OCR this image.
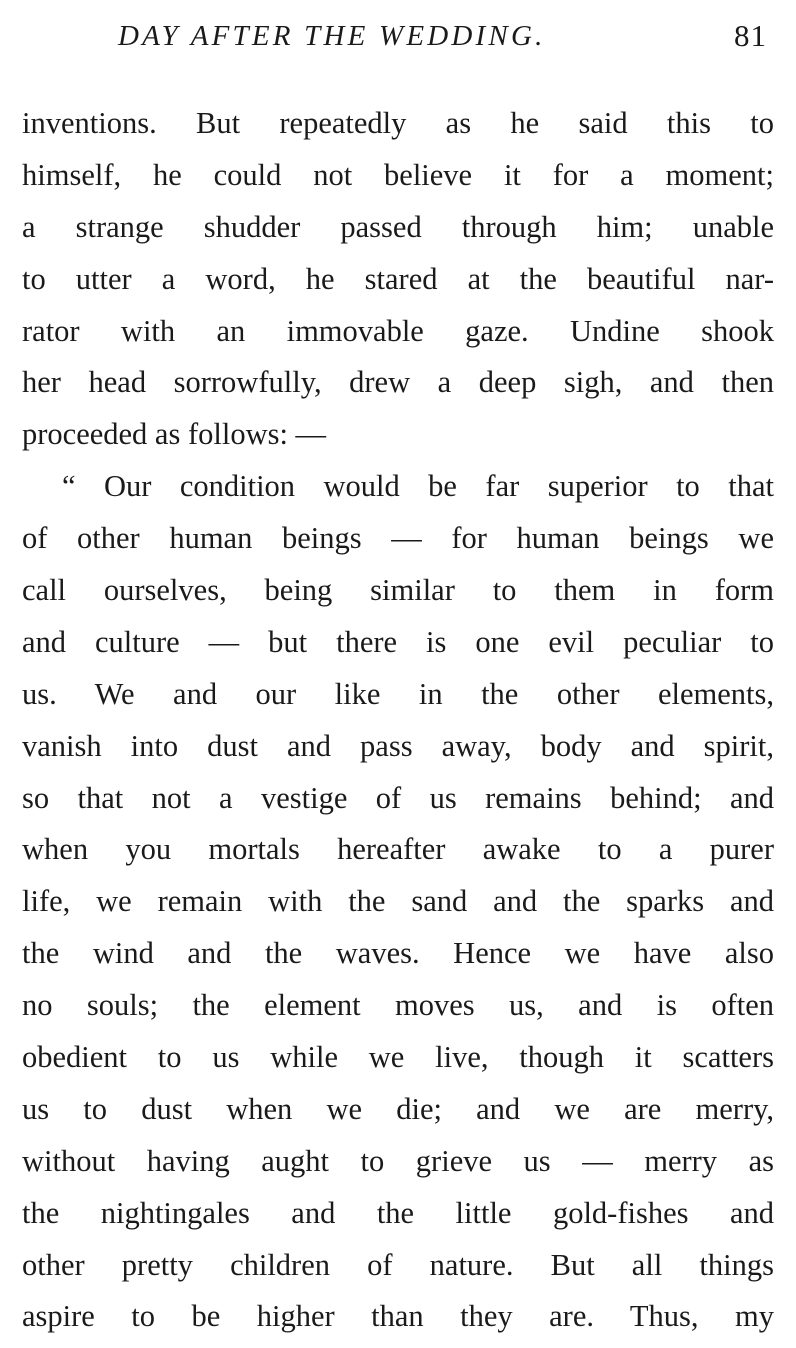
DAY AFTER THE WEDDING.	81
inventions. But repeatedly as he said this to
himself, he could not believe it for a moment;
a strange shudder passed through him; unable
to utter a word, he stared at the beautiful nar-
rator with an immovable gaze. Undine shook
her head sorrowfully, drew a deep sigh, and then
proceeded as follows: —
“ Our condition would be far superior to that
of other human beings — for human beings we
call ourselves, being similar to them in form
and culture — but there is one evil peculiar to
us. We and our like in the other elements,
vanish into dust and pass away, body and spirit,
so that not a vestige of us remains behind; and
when you mortals hereafter awake to a purer
life, we remain with the sand and the sparks and
the wind and the waves. Hence we have also
no souls; the element moves us, and is often
obedient to us while we live, though it scatters
us to dust when we die; and we are merry,
without having aught to grieve us — merry as
the nightingales and the little gold-fishes and
other pretty children of nature. But all things
aspire to be higher than they are. Thus, my
